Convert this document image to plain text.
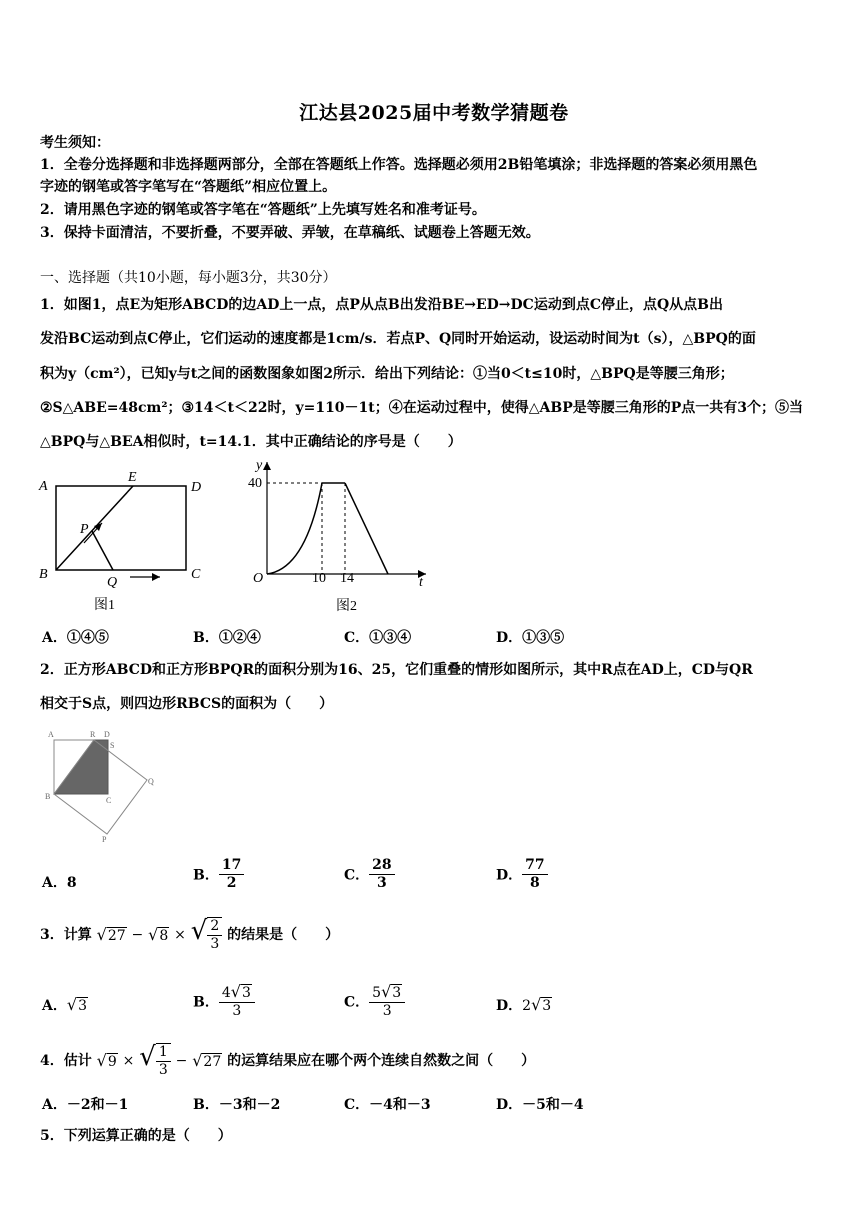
江达县2025届中考数学猜题卷
考生须知：
1．全卷分选择题和非选择题两部分，全部在答题纸上作答。选择题必须用2B铅笔填涂；非选择题的答案必须用黑色
字迹的钢笔或答字笔写在“答题纸”相应位置上。
2．请用黑色字迹的钢笔或答字笔在“答题纸”上先填写姓名和准考证号。
3．保持卡面清洁，不要折叠，不要弄破、弄皱，在草稿纸、试题卷上答题无效。
一、选择题（共10小题，每小题3分，共30分）
1．如图1，点E为矩形ABCD的边AD上一点，点P从点B出发沿BE→ED→DC运动到点C停止，点Q从点B出
发沿BC运动到点C停止，它们运动的速度都是1cm/s．若点P、Q同时开始运动，设运动时间为t（s），△BPQ的面
积为y（cm²），已知y与t之间的函数图象如图2所示．给出下列结论：①当0＜t≤10时，△BPQ是等腰三角形；
②S△ABE=48cm²；③14＜t＜22时，y=110－1t；④在运动过程中，使得△ABP是等腰三角形的P点一共有3个；⑤当
△BPQ与△BEA相似时，t=14.1．其中正确结论的序号是（　　）
A
E
D
P
B
Q
C
图1
y
40
O	10 14	t
图2
A．①④⑤	B．①②④	C．①③④	D．①③⑤
2．正方形ABCD和正方形BPQR的面积分别为16、25，它们重叠的情形如图所示，其中R点在AD上，CD与QR
相交于S点，则四边形RBCS的面积为（　　）
A	R D
S
B	C
Q
P
A．8	B． $\frac{17}{2}$	C． $\frac{28}{3}$	D． $\frac{77}{8}$
3．计算 √27 − √8 × √ $\frac{2}{3}$ 的结果是（　　）
A．√3	B． $\frac{4√3}{3}$	C． $\frac{5√3}{3}$	D．2√3
4．估计 √9 × √ $\frac{1}{3} - √27$ 的运算结果应在哪个两个连续自然数之间（　　）
A．－2和－1	B．－3和－2	C．－4和－3	D．－5和－4
5．下列运算正确的是（　　）
